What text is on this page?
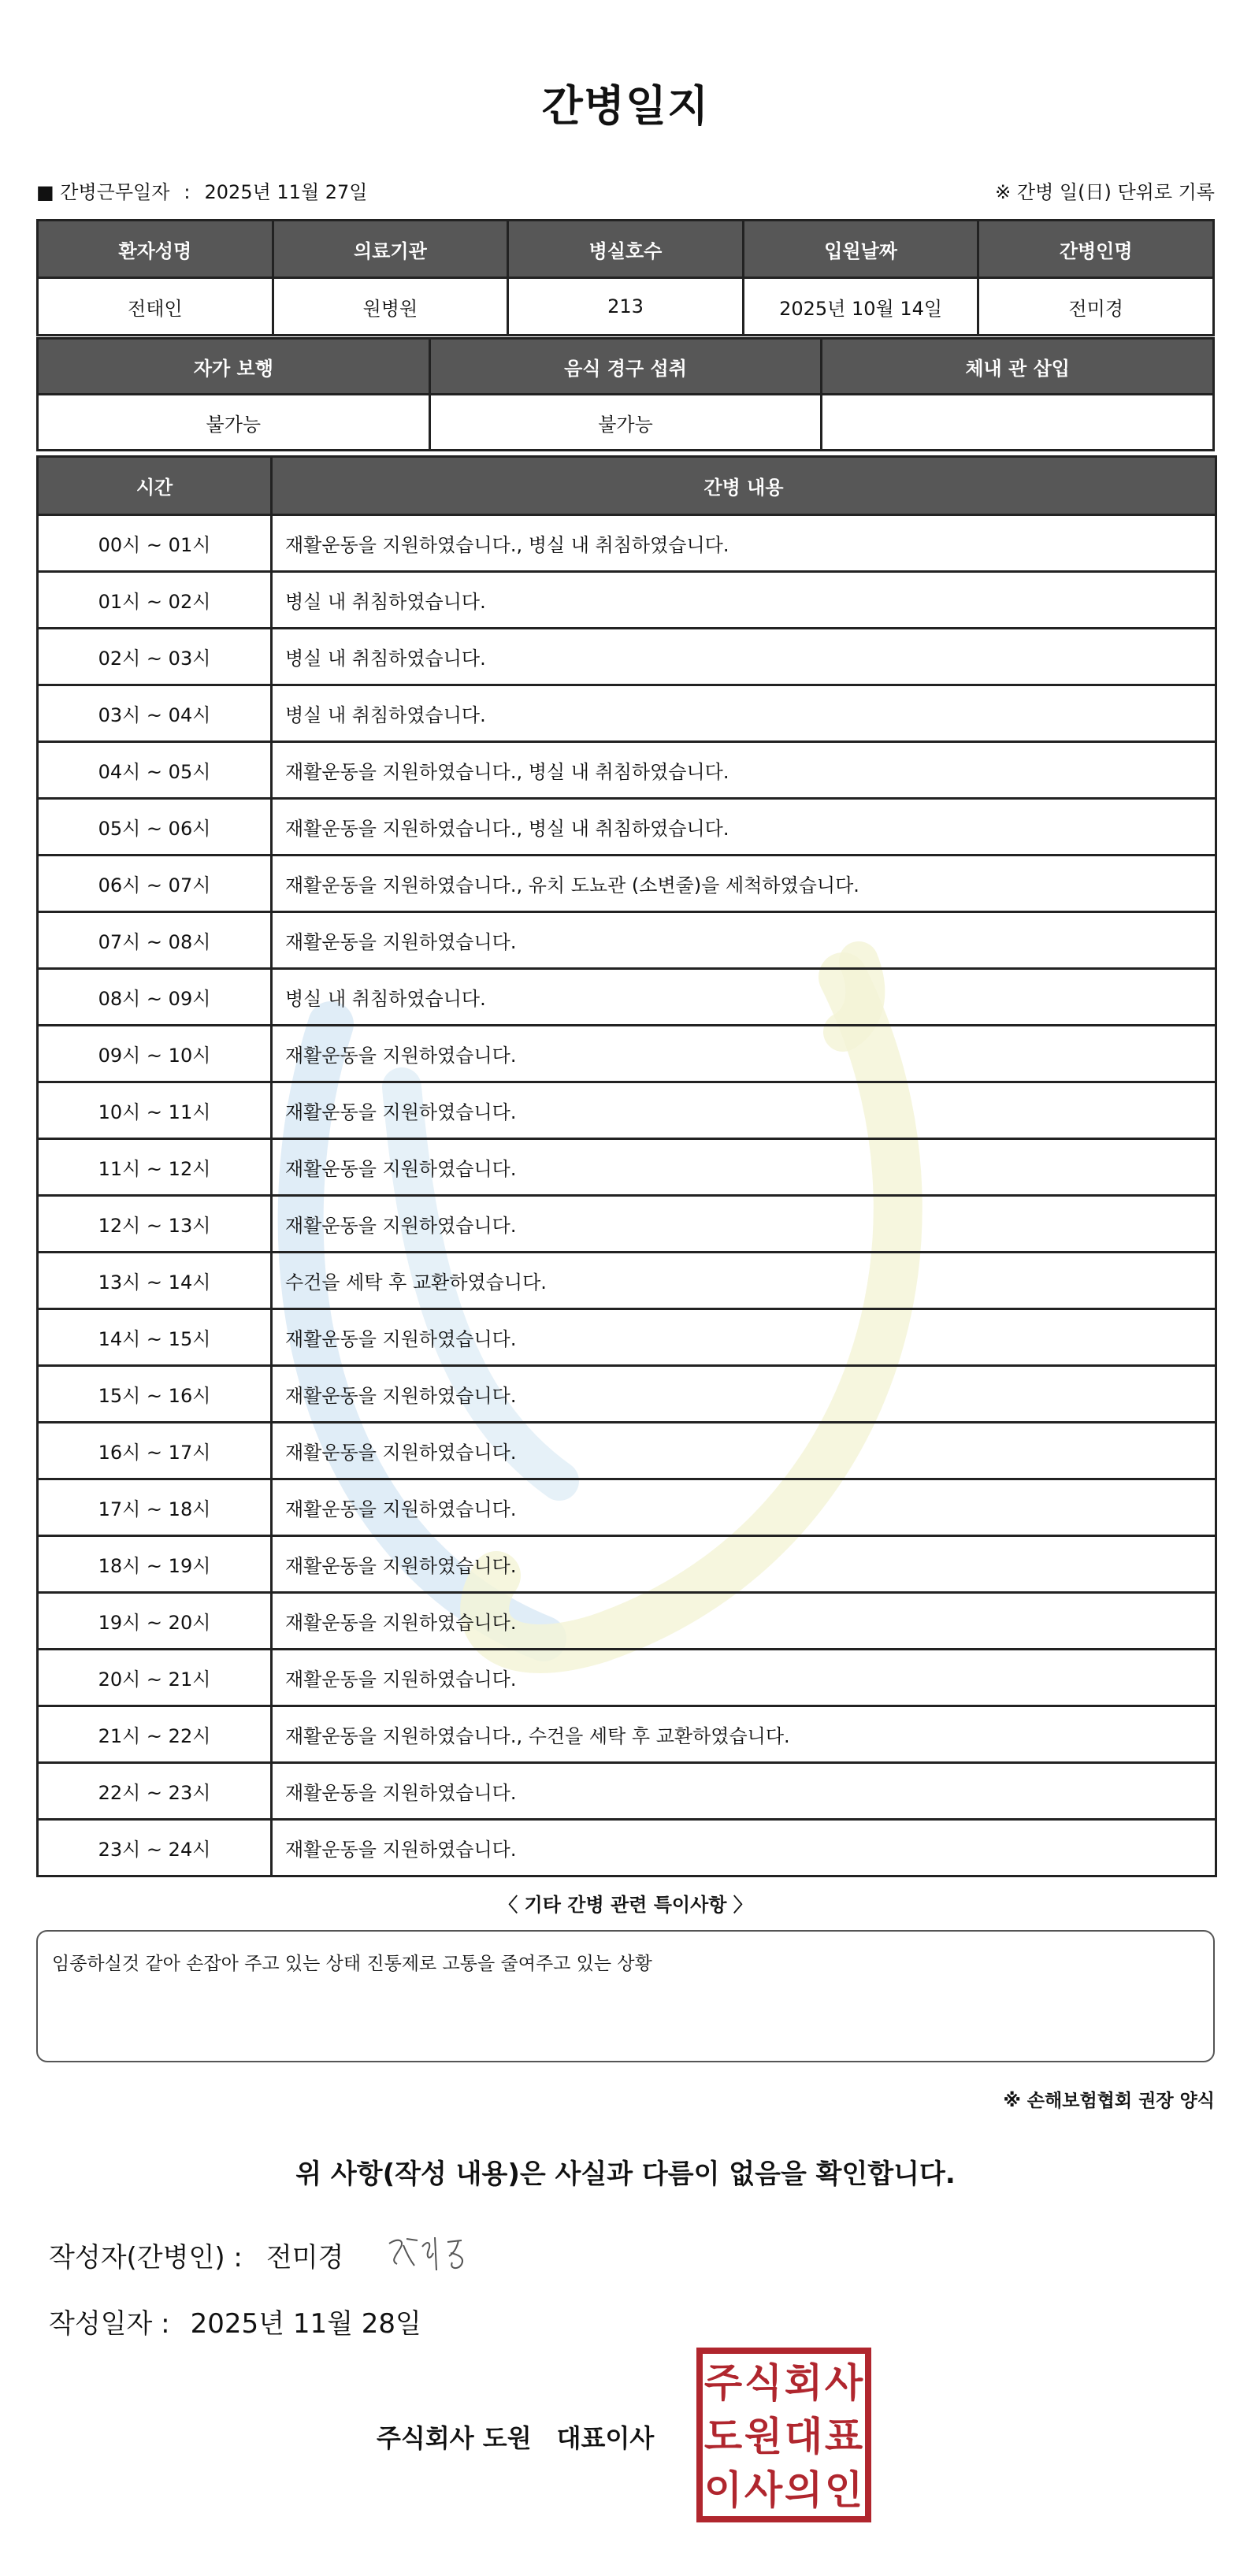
간병일지
■ 간병근무일자 : 2025년 11월 27일	※ 간병 일(日) 단위로 기록
환자성명	의료기관	병실호수	입원날짜	간병인명
전태인	원병원	213	2025년 10월 14일	전미경
자가 보행	음식 경구 섭취	체내 관 삽입
불가능	불가능	
시간	간병 내용
00시 ~ 01시	재활운동을 지원하였습니다., 병실 내 취침하였습니다.
01시 ~ 02시	병실 내 취침하였습니다.
02시 ~ 03시	병실 내 취침하였습니다.
03시 ~ 04시	병실 내 취침하였습니다.
04시 ~ 05시	재활운동을 지원하였습니다., 병실 내 취침하였습니다.
05시 ~ 06시	재활운동을 지원하였습니다., 병실 내 취침하였습니다.
06시 ~ 07시	재활운동을 지원하였습니다., 유치 도뇨관 (소변줄)을 세척하였습니다.
07시 ~ 08시	재활운동을 지원하였습니다.
08시 ~ 09시	병실 내 취침하였습니다.
09시 ~ 10시	재활운동을 지원하였습니다.
10시 ~ 11시	재활운동을 지원하였습니다.
11시 ~ 12시	재활운동을 지원하였습니다.
12시 ~ 13시	재활운동을 지원하였습니다.
13시 ~ 14시	수건을 세탁 후 교환하였습니다.
14시 ~ 15시	재활운동을 지원하였습니다.
15시 ~ 16시	재활운동을 지원하였습니다.
16시 ~ 17시	재활운동을 지원하였습니다.
17시 ~ 18시	재활운동을 지원하였습니다.
18시 ~ 19시	재활운동을 지원하였습니다.
19시 ~ 20시	재활운동을 지원하였습니다.
20시 ~ 21시	재활운동을 지원하였습니다.
21시 ~ 22시	재활운동을 지원하였습니다., 수건을 세탁 후 교환하였습니다.
22시 ~ 23시	재활운동을 지원하였습니다.
23시 ~ 24시	재활운동을 지원하였습니다.
〈 기타 간병 관련 특이사항 〉
임종하실것 같아 손잡아 주고 있는 상태 진통제로 고통을 줄여주고 있는 상황
※ 손해보험협회 권장 양식
위 사항(작성 내용)은 사실과 다름이 없음을 확인합니다.
작성자(간병인) : 전미경
작성일자 : 2025년 11월 28일
주식회사 도원 대표이사
주 식 회 사
도 원 대 표
이 사 의 인
